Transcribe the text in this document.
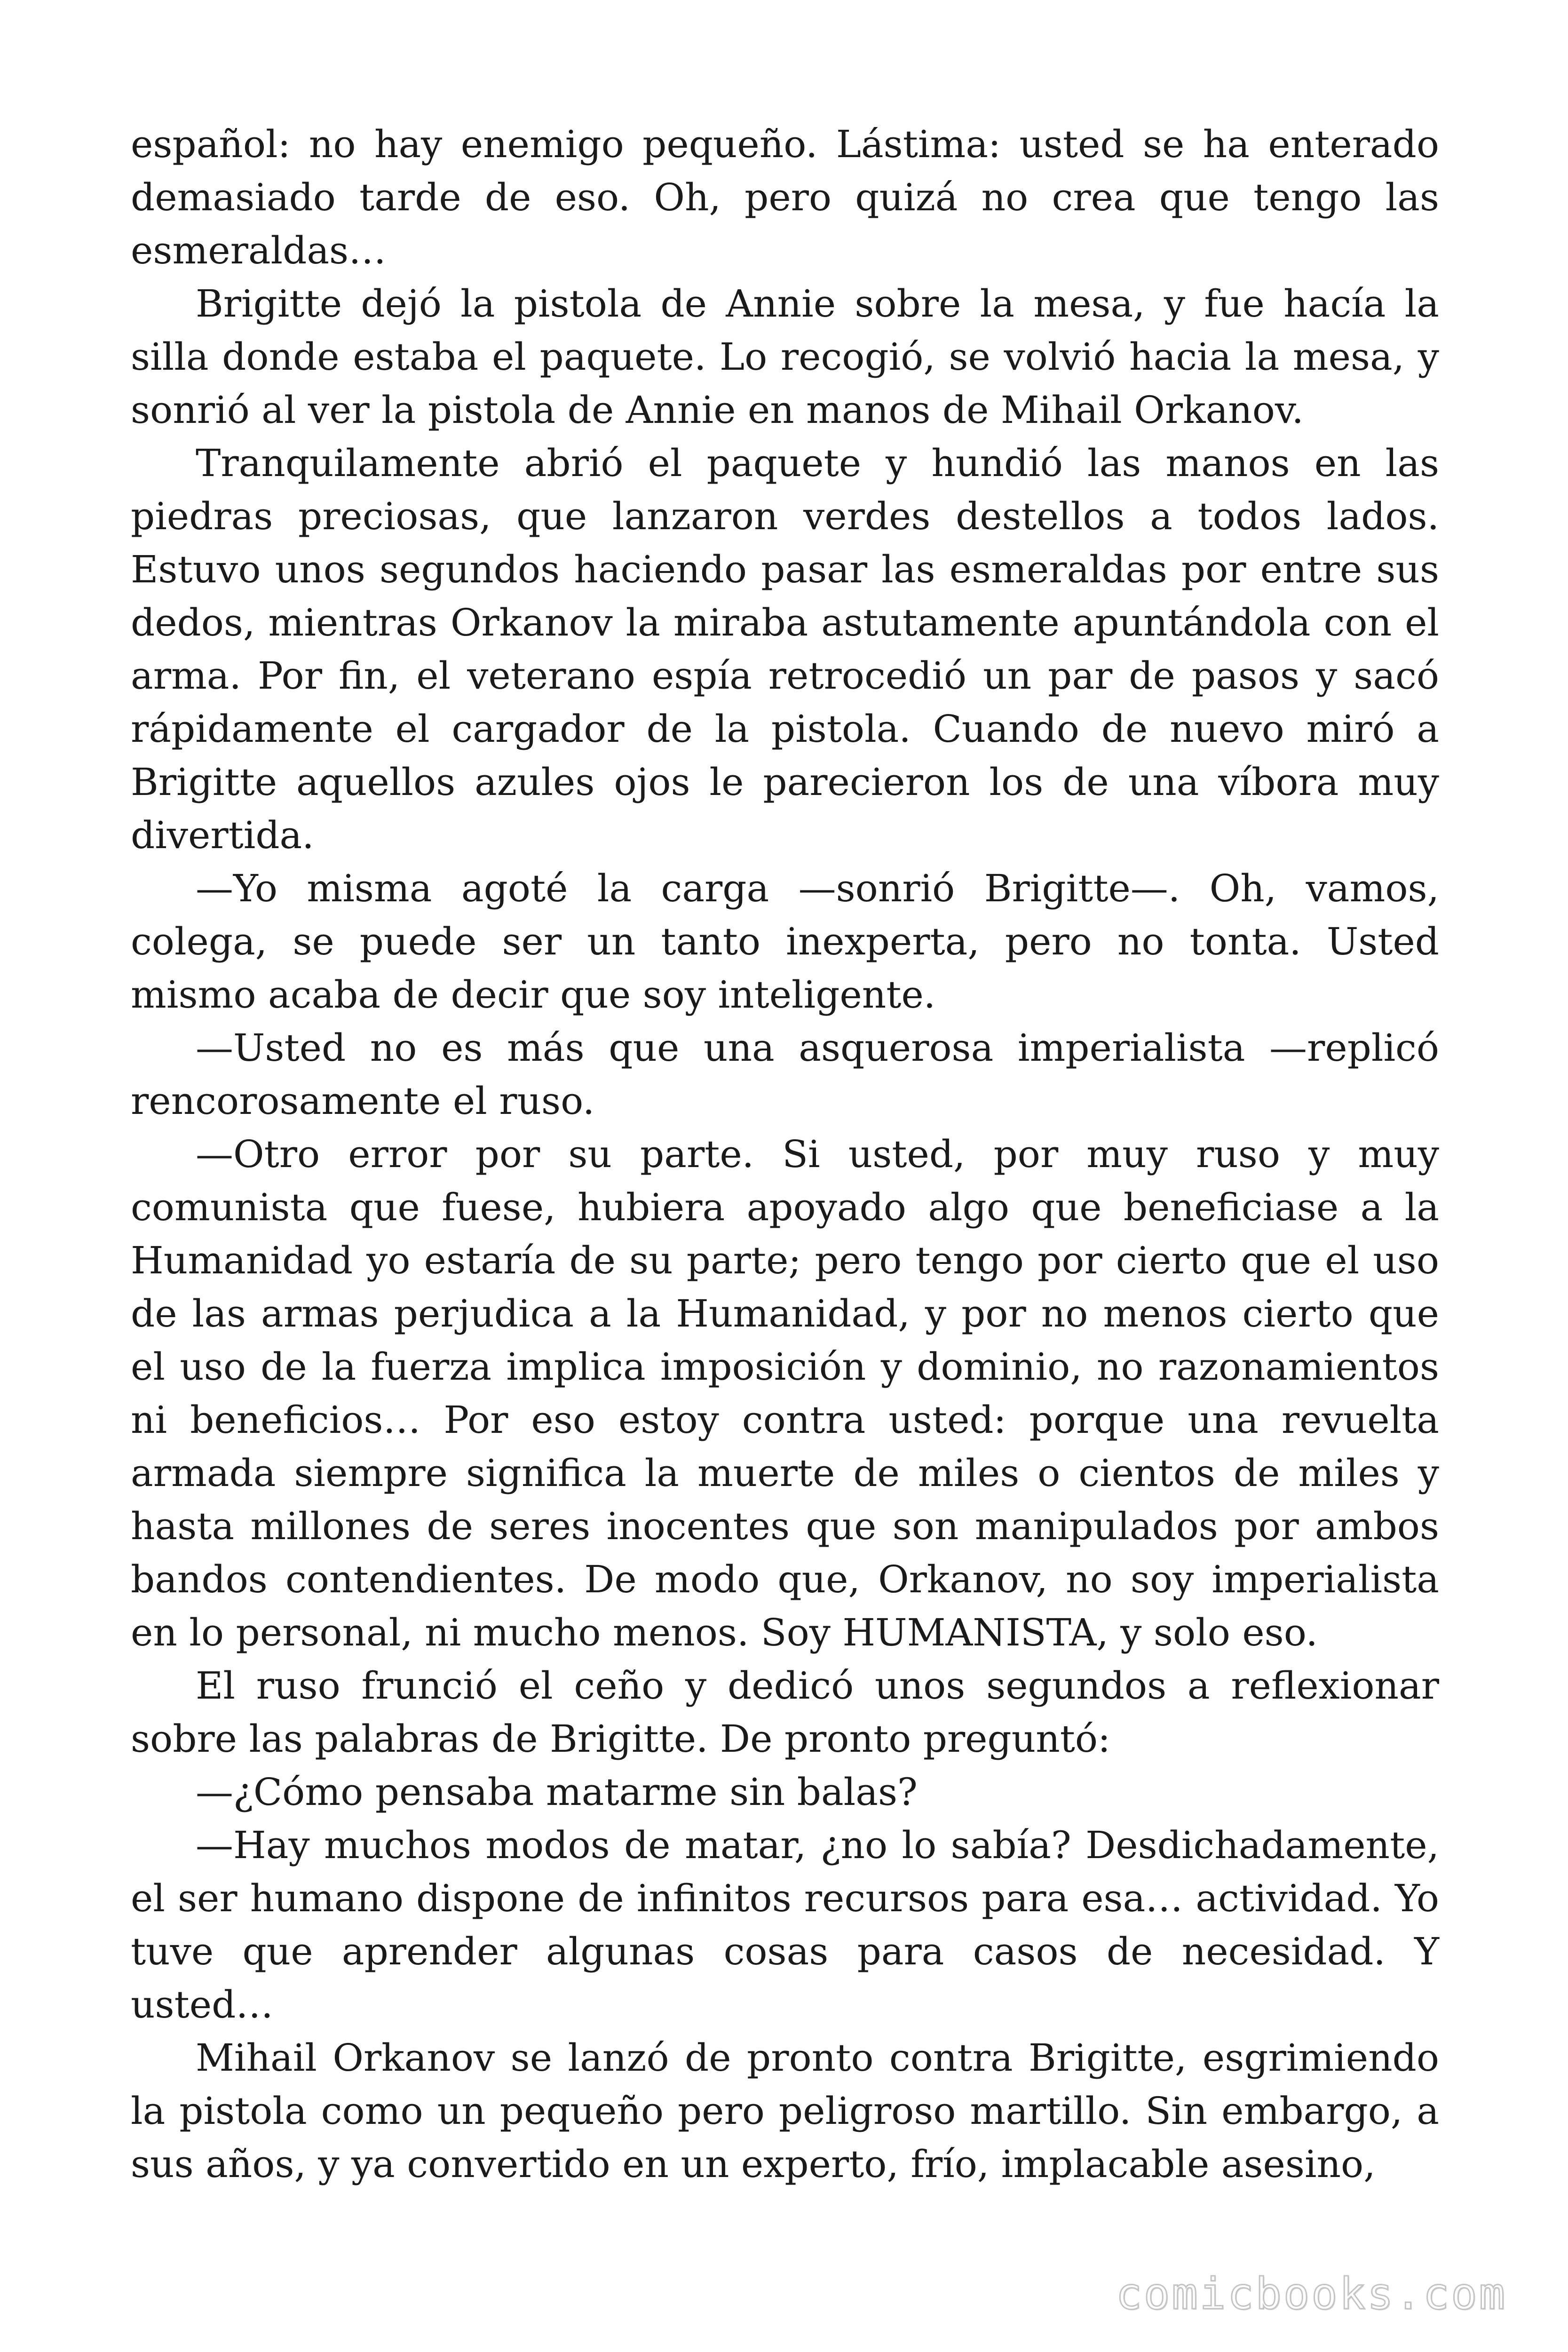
español: no hay enemigo pequeño. Lástima: usted se ha enterado demasiado tarde de eso. Oh, pero quizá no crea que tengo las esmeraldas…

Brigitte dejó la pistola de Annie sobre la mesa, y fue hacía la silla donde estaba el paquete. Lo recogió, se volvió hacia la mesa, y sonrió al ver la pistola de Annie en manos de Mihail Orkanov.

Tranquilamente abrió el paquete y hundió las manos en las piedras preciosas, que lanzaron verdes destellos a todos lados. Estuvo unos segundos haciendo pasar las esmeraldas por entre sus dedos, mientras Orkanov la miraba astutamente apuntándola con el arma. Por fin, el veterano espía retrocedió un par de pasos y sacó rápidamente el cargador de la pistola. Cuando de nuevo miró a Brigitte aquellos azules ojos le parecieron los de una víbora muy divertida.

—Yo misma agoté la carga —sonrió Brigitte—. Oh, vamos, colega, se puede ser un tanto inexperta, pero no tonta. Usted mismo acaba de decir que soy inteligente.

—Usted no es más que una asquerosa imperialista —replicó rencorosamente el ruso.

—Otro error por su parte. Si usted, por muy ruso y muy comunista que fuese, hubiera apoyado algo que beneficiase a la Humanidad yo estaría de su parte; pero tengo por cierto que el uso de las armas perjudica a la Humanidad, y por no menos cierto que el uso de la fuerza implica imposición y dominio, no razonamientos ni beneficios… Por eso estoy contra usted: porque una revuelta armada siempre significa la muerte de miles o cientos de miles y hasta millones de seres inocentes que son manipulados por ambos bandos contendientes. De modo que, Orkanov, no soy imperialista en lo personal, ni mucho menos. Soy HUMANISTA, y solo eso.

El ruso frunció el ceño y dedicó unos segundos a reflexionar sobre las palabras de Brigitte. De pronto preguntó:

—¿Cómo pensaba matarme sin balas?

—Hay muchos modos de matar, ¿no lo sabía? Desdichadamente, el ser humano dispone de infinitos recursos para esa… actividad. Yo tuve que aprender algunas cosas para casos de necesidad. Y usted…

Mihail Orkanov se lanzó de pronto contra Brigitte, esgrimiendo la pistola como un pequeño pero peligroso martillo. Sin embargo, a sus años, y ya convertido en un experto, frío, implacable asesino,

comicbooks.com
